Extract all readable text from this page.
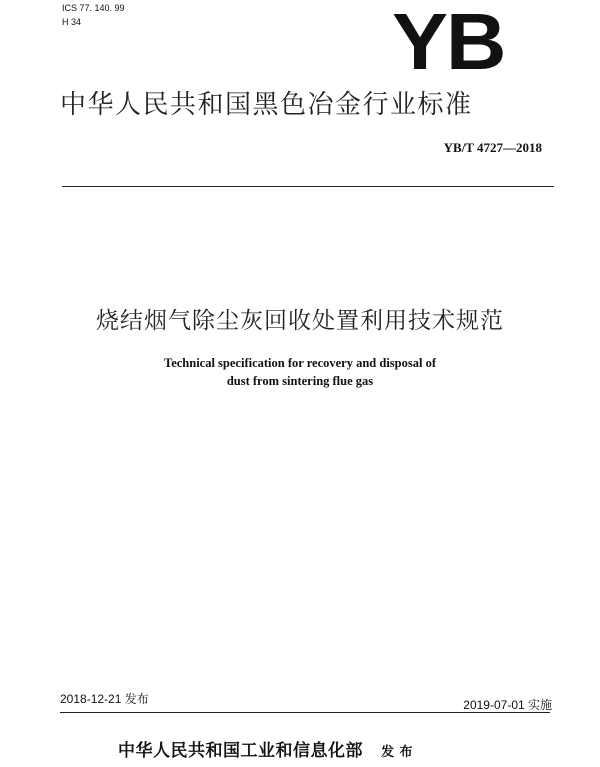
ICS 77. 140. 99
H 34	YB
中华人民共和国黑色冶金行业标准
YB/T 4727—2018
烧结烟气除尘灰回收处置利用技术规范
Technical specification for recovery and disposal of
dust from sintering flue gas
2018-12-21 发布	2019-07-01 实施
中华人民共和国工业和信息化部 发 布
